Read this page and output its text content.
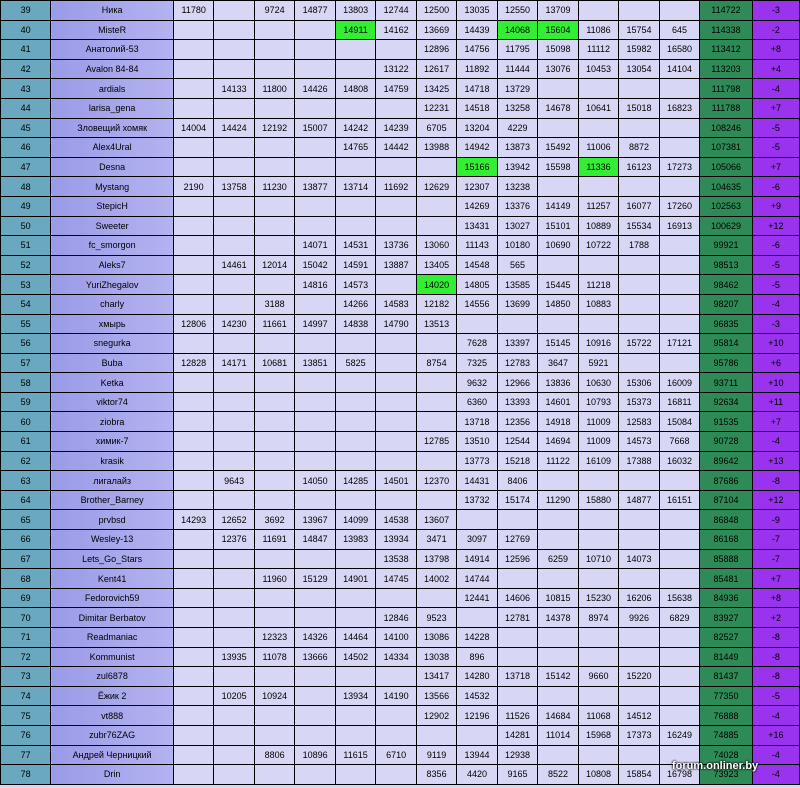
39	Ника	11780		9724	14877	13803	12744	12500	13035	12550	13709				114722	-3
40	MisteR					14911	14162	13669	14439	14068	15604	11086	15754	645	114338	-2
41	Анатолий-53							12896	14756	11795	15098	11112	15982	16580	113412	+8
42	Avalon 84-84						13122	12617	11892	11444	13076	10453	13054	14104	113203	+4
43	ardials		14133	11800	14426	14808	14759	13425	14718	13729					111798	-4
44	larisa_gena							12231	14518	13258	14678	10641	15018	16823	111788	+7
45	Зловещий хомяк	14004	14424	12192	15007	14242	14239	6705	13204	4229					108246	-5
46	Alex4Ural					14765	14442	13988	14942	13873	15492	11006	8872		107381	-5
47	Desna								15166	13942	15598	11336	16123	17273	105066	+7
48	Mystang	2190	13758	11230	13877	13714	11692	12629	12307	13238					104635	-6
49	StepicH								14269	13376	14149	11257	16077	17260	102563	+9
50	Sweeter								13431	13027	15101	10889	15534	16913	100629	+12
51	fc_smorgon				14071	14531	13736	13060	11143	10180	10690	10722	1788		99921	-6
52	Aleks7		14461	12014	15042	14591	13887	13405	14548	565					98513	-5
53	YuriZhegalov				14816	14573		14020	14805	13585	15445	11218			98462	-5
54	charly			3188		14266	14583	12182	14556	13699	14850	10883			98207	-4
55	хмырь	12806	14230	11661	14997	14838	14790	13513							96835	-3
56	snegurka								7628	13397	15145	10916	15722	17121	95814	+10
57	Buba	12828	14171	10681	13851	5825		8754	7325	12783	3647	5921			95786	+6
58	Ketka								9632	12966	13836	10630	15306	16009	93711	+10
59	viktor74								6360	13393	14601	10793	15373	16811	92634	+11
60	ziobra								13718	12356	14918	11009	12583	15084	91535	+7
61	химик-7							12785	13510	12544	14694	11009	14573	7668	90728	-4
62	krasik								13773	15218	11122	16109	17388	16032	89642	+13
63	лигалайз		9643		14050	14285	14501	12370	14431	8406					87686	-8
64	Brother_Barney								13732	15174	11290	15880	14877	16151	87104	+12
65	prvbsd	14293	12652	3692	13967	14099	14538	13607							86848	-9
66	Wesley-13		12376	11691	14847	13983	13934	3471	3097	12769					86168	-7
67	Lets_Go_Stars						13538	13798	14914	12596	6259	10710	14073		85888	-7
68	Kent41			11960	15129	14901	14745	14002	14744						85481	+7
69	Fedorovich59								12441	14606	10815	15230	16206	15638	84936	+8
70	Dimitar Berbatov						12846	9523		12781	14378	8974	9926	6829	83927	+2
71	Readmaniac			12323	14326	14464	14100	13086	14228						82527	-8
72	Kommunist		13935	11078	13666	14502	14334	13038	896						81449	-8
73	zul6878							13417	14280	13718	15142	9660	15220		81437	-8
74	Ёжик 2		10205	10924		13934	14190	13566	14532						77350	-5
75	vt888							12902	12196	11526	14684	11068	14512		76888	-4
76	zubr76ZAG									14281	11014	15968	17373	16249	74885	+16
77	Андрей Черницкий			8806	10896	11615	6710	9119	13944	12938					74028	-4
78	Drin							8356	4420	9165	8522	10808	15854	16798	73923	-4
forum.onliner.by
